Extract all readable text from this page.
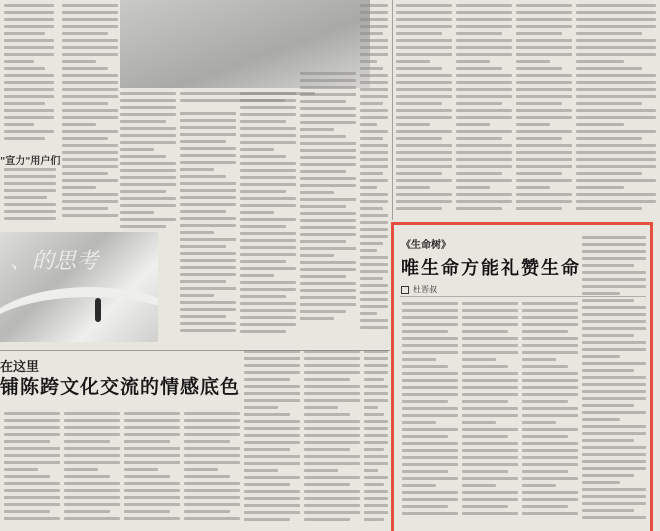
"宣力"用户们
、的思考
在这里
铺陈跨文化交流的情感底色
《生命树》
唯生命方能礼赞生命
杜晋叔
